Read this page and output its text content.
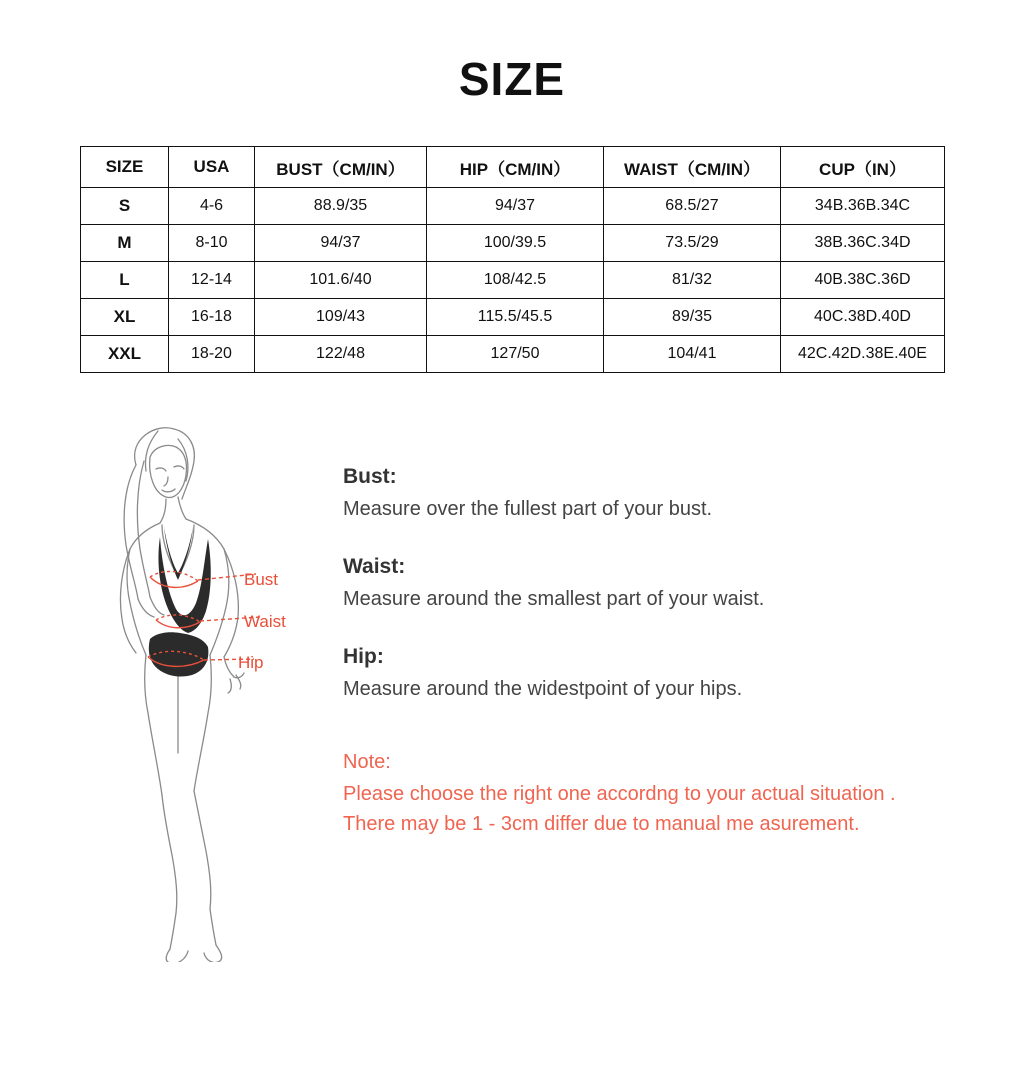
SIZE
SIZE	USA	BUST（CM/IN）	HIP（CM/IN）	WAIST（CM/IN）	CUP（IN）
S	4-6	88.9/35	94/37	68.5/27	34B.36B.34C
M	8-10	94/37	100/39.5	73.5/29	38B.36C.34D
L	12-14	101.6/40	108/42.5	81/32	40B.38C.36D
XL	16-18	109/43	115.5/45.5	89/35	40C.38D.40D
XXL	18-20	122/48	127/50	104/41	42C.42D.38E.40E
Bust
Waist
Hip
Bust:

Measure over the fullest part of your bust.

Waist:

Measure around the smallest part of your waist.

Hip:

Measure around the widestpoint of your hips.

Note:
Please choose the right one accordng to your actual situation .
There may be 1 - 3cm differ due to manual me asurement.
